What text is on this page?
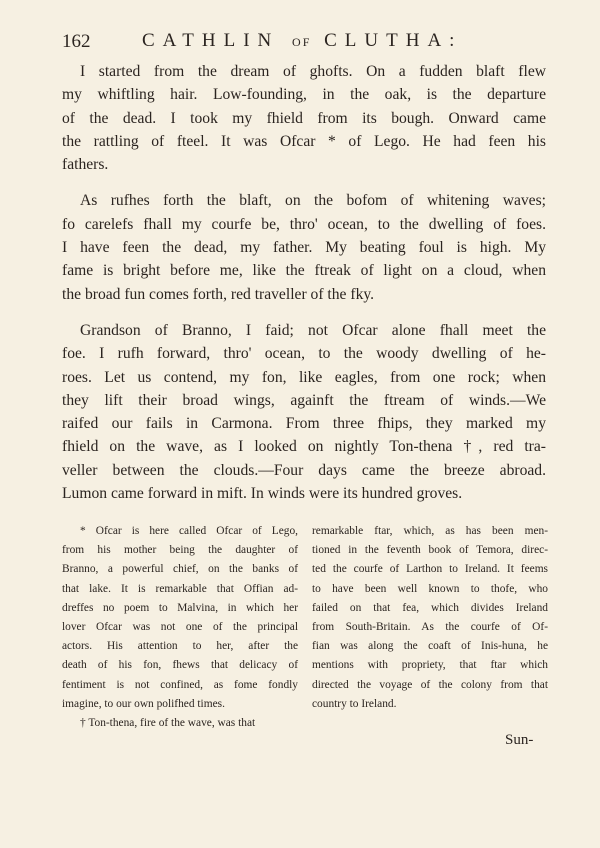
162	CATHLIN OF CLUTHA:

I started from the dream of ghofts. On a fudden blaft flew
my whiftling hair. Low-founding, in the oak, is the departure
of the dead. I took my fhield from its bough. Onward came
the rattling of fteel. It was Ofcar * of Lego. He had feen his
fathers.

As rufhes forth the blaft, on the bofom of whitening waves;
fo carelefs fhall my courfe be, thro' ocean, to the dwelling of foes.
I have feen the dead, my father. My beating foul is high. My
fame is bright before me, like the ftreak of light on a cloud, when
the broad fun comes forth, red traveller of the fky.

Grandson of Branno, I faid; not Ofcar alone fhall meet the
foe. I rufh forward, thro' ocean, to the woody dwelling of he-
roes. Let us contend, my fon, like eagles, from one rock; when
they lift their broad wings, againft the ftream of winds.—We
raifed our fails in Carmona. From three fhips, they marked my
fhield on the wave, as I looked on nightly Ton-thena †, red tra-
veller between the clouds.—Four days came the breeze abroad.
Lumon came forward in mift. In winds were its hundred groves.

* Ofcar is here called Ofcar of Lego,
from his mother being the daughter of
Branno, a powerful chief, on the banks of
that lake. It is remarkable that Offian ad-
dreffes no poem to Malvina, in which her
lover Ofcar was not one of the principal
actors. His attention to her, after the
death of his fon, fhews that delicacy of
fentiment is not confined, as fome fondly
imagine, to our own polifhed times.
† Ton-thena, fire of the wave, was that
remarkable ftar, which, as has been men-
tioned in the feventh book of Temora, direc-
ted the courfe of Larthon to Ireland. It feems
to have been well known to thofe, who
failed on that fea, which divides Ireland
from South-Britain. As the courfe of Of-
fian was along the coaft of Inis-huna, he
mentions with propriety, that ftar which
directed the voyage of the colony from that
country to Ireland.
Sun-
